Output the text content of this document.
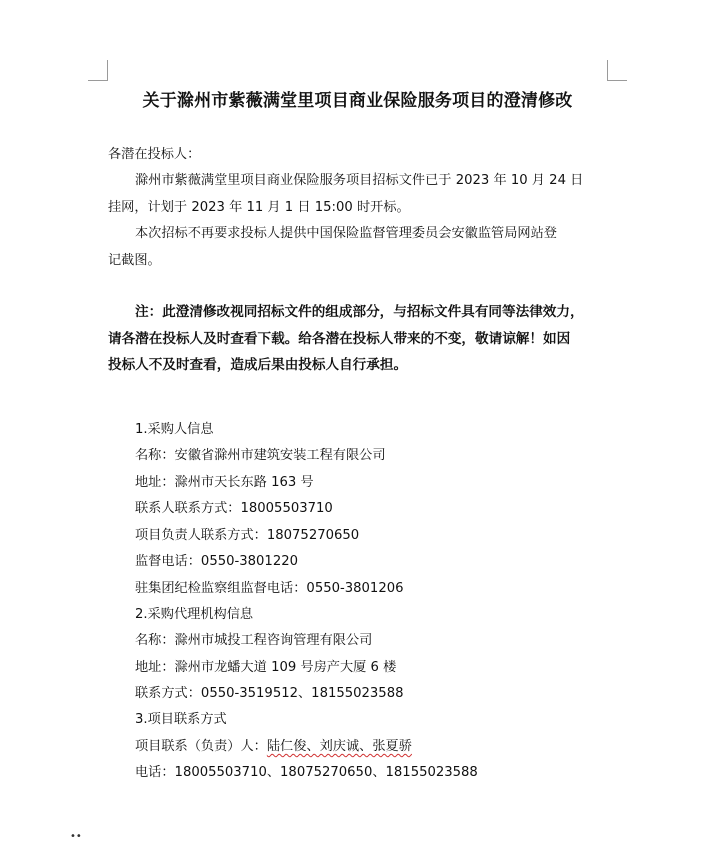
关于滁州市紫薇满堂里项目商业保险服务项目的澄清修改
各潜在投标人：
滁州市紫薇满堂里项目商业保险服务项目招标文件已于 2023 年 10 月 24 日
挂网，计划于 2023 年 11 月 1 日 15:00 时开标。
本次招标不再要求投标人提供中国保险监督管理委员会安徽监管局网站登
记截图。
注：此澄清修改视同招标文件的组成部分，与招标文件具有同等法律效力，
请各潜在投标人及时查看下载。给各潜在投标人带来的不变，敬请谅解！如因
投标人不及时查看，造成后果由投标人自行承担。
1.采购人信息
名称：安徽省滁州市建筑安装工程有限公司
地址：滁州市天长东路 163 号
联系人联系方式：18005503710
项目负责人联系方式：18075270650
监督电话：0550-3801220
驻集团纪检监察组监督电话：0550-3801206
2.采购代理机构信息
名称：滁州市城投工程咨询管理有限公司
地址：滁州市龙蟠大道 109 号房产大厦 6 楼
联系方式：0550-3519512、18155023588
3.项目联系方式
项目联系（负责）人：陆仁俊、刘庆诚、张夏骄
电话：18005503710、18075270650、18155023588
••
